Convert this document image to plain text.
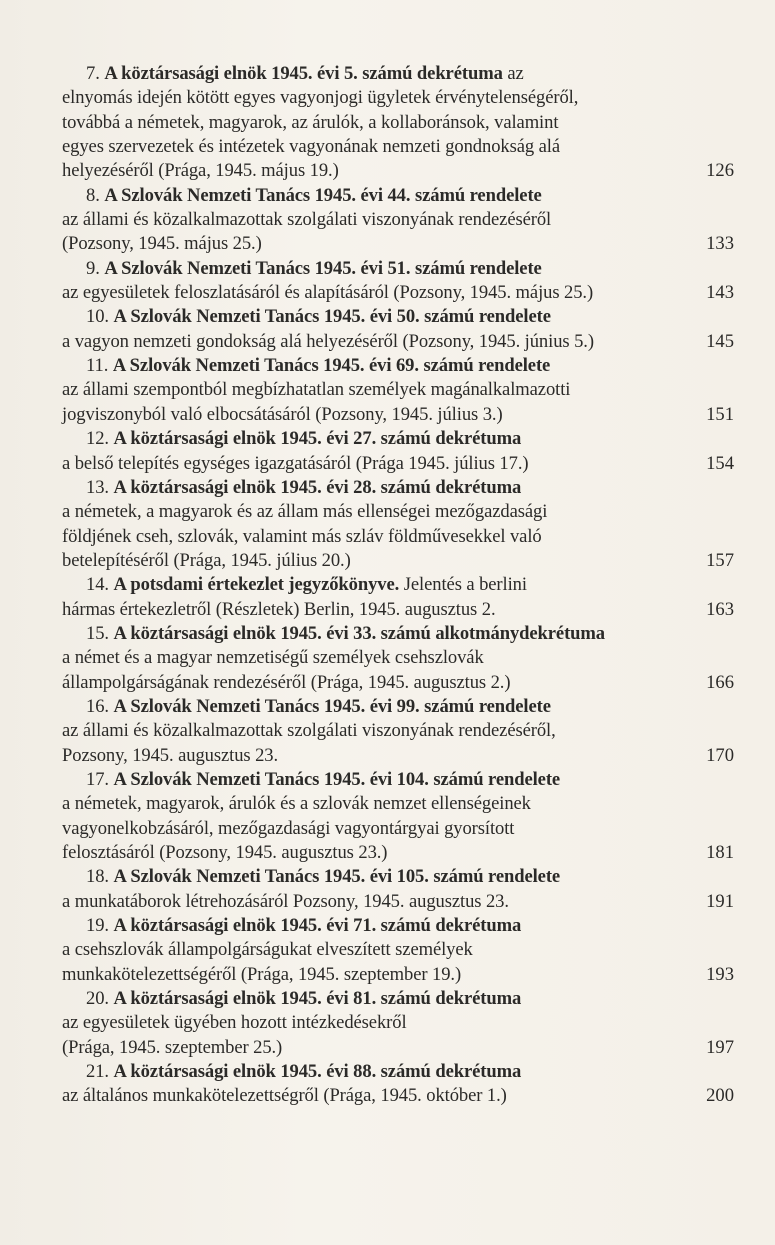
7. A köztársasági elnök 1945. évi 5. számú dekrétuma az
elnyomás idején kötött egyes vagyonjogi ügyletek érvénytelenségéről,
továbbá a németek, magyarok, az árulók, a kollaboránsok, valamint
egyes szervezetek és intézetek vagyonának nemzeti gondnokság alá
helyezéséről (Prága, 1945. május 19.)	126
8. A Szlovák Nemzeti Tanács 1945. évi 44. számú rendelete
az állami és közalkalmazottak szolgálati viszonyának rendezéséről
(Pozsony, 1945. május 25.)	133
9. A Szlovák Nemzeti Tanács 1945. évi 51. számú rendelete
az egyesületek feloszlatásáról és alapításáról (Pozsony, 1945. május 25.)	143
10. A Szlovák Nemzeti Tanács 1945. évi 50. számú rendelete
a vagyon nemzeti gondokság alá helyezéséről (Pozsony, 1945. június 5.)	145
11. A Szlovák Nemzeti Tanács 1945. évi 69. számú rendelete
az állami szempontból megbízhatatlan személyek magánalkalmazotti
jogviszonyból való elbocsátásáról (Pozsony, 1945. július 3.)	151
12. A köztársasági elnök 1945. évi 27. számú dekrétuma
a belső telepítés egységes igazgatásáról (Prága 1945. július 17.)	154
13. A köztársasági elnök 1945. évi 28. számú dekrétuma
a németek, a magyarok és az állam más ellenségei mezőgazdasági
földjének cseh, szlovák, valamint más szláv földművesekkel való
betelepítéséről (Prága, 1945. július 20.)	157
14. A potsdami értekezlet jegyzőkönyve. Jelentés a berlini
hármas értekezletről (Részletek) Berlin, 1945. augusztus 2.	163
15. A köztársasági elnök 1945. évi 33. számú alkotmánydekrétuma
a német és a magyar nemzetiségű személyek csehszlovák
állampolgárságának rendezéséről (Prága, 1945. augusztus 2.)	166
16. A Szlovák Nemzeti Tanács 1945. évi 99. számú rendelete
az állami és közalkalmazottak szolgálati viszonyának rendezéséről,
Pozsony, 1945. augusztus 23.	170
17. A Szlovák Nemzeti Tanács 1945. évi 104. számú rendelete
a németek, magyarok, árulók és a szlovák nemzet ellenségeinek
vagyonelkobzásáról, mezőgazdasági vagyontárgyai gyorsított
felosztásáról (Pozsony, 1945. augusztus 23.)	181
18. A Szlovák Nemzeti Tanács 1945. évi 105. számú rendelete
a munkatáborok létrehozásáról Pozsony, 1945. augusztus 23.	191
19. A köztársasági elnök 1945. évi 71. számú dekrétuma
a csehszlovák állampolgárságukat elveszített személyek
munkakötelezettségéről (Prága, 1945. szeptember 19.)	193
20. A köztársasági elnök 1945. évi 81. számú dekrétuma
az egyesületek ügyében hozott intézkedésekről
(Prága, 1945. szeptember 25.)	197
21. A köztársasági elnök 1945. évi 88. számú dekrétuma
az általános munkakötelezettségről (Prága, 1945. október 1.)	200
